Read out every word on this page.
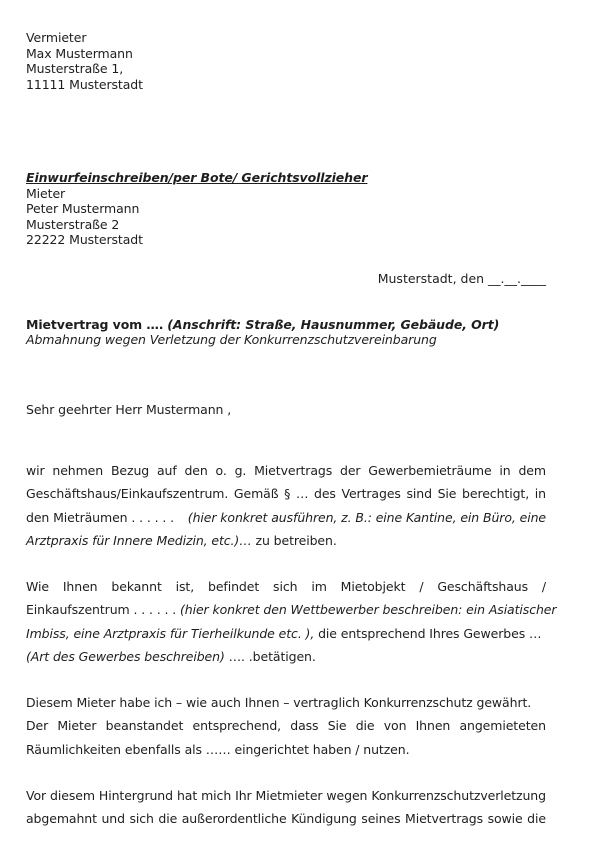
Vermieter
Max Mustermann
Musterstraße 1,
11111 Musterstadt
Einwurfeinschreiben/per Bote/ Gerichtsvollzieher
Mieter
Peter Mustermann
Musterstraße 2
22222 Musterstadt
Musterstadt, den __.__.____
Mietvertrag vom …. (Anschrift: Straße, Hausnummer, Gebäude, Ort)
Abmahnung wegen Verletzung der Konkurrenzschutzvereinbarung
Sehr geehrter Herr Mustermann ,
wir nehmen Bezug auf den o. g. Mietvertrags der Gewerbemieträume in dem
Geschäftshaus/Einkaufszentrum. Gemäß § … des Vertrages sind Sie berechtigt, in
den Mieträumen . . . . . . (hier konkret ausführen, z. B.: eine Kantine, ein Büro, eine
Arztpraxis für Innere Medizin, etc.)… zu betreiben.
Wie Ihnen bekannt ist, befindet sich im Mietobjekt / Geschäftshaus /
Einkaufszentrum . . . . . . (hier konkret den Wettbewerber beschreiben: ein Asiatischer
Imbiss, eine Arztpraxis für Tierheilkunde etc. ), die entsprechend Ihres Gewerbes …
(Art des Gewerbes beschreiben) …. .betätigen.
Diesem Mieter habe ich – wie auch Ihnen – vertraglich Konkurrenzschutz gewährt.
Der Mieter beanstandet entsprechend, dass Sie die von Ihnen angemieteten
Räumlichkeiten ebenfalls als …… eingerichtet haben / nutzen.
Vor diesem Hintergrund hat mich Ihr Mietmieter wegen Konkurrenzschutzverletzung
abgemahnt und sich die außerordentliche Kündigung seines Mietvertrags sowie die
